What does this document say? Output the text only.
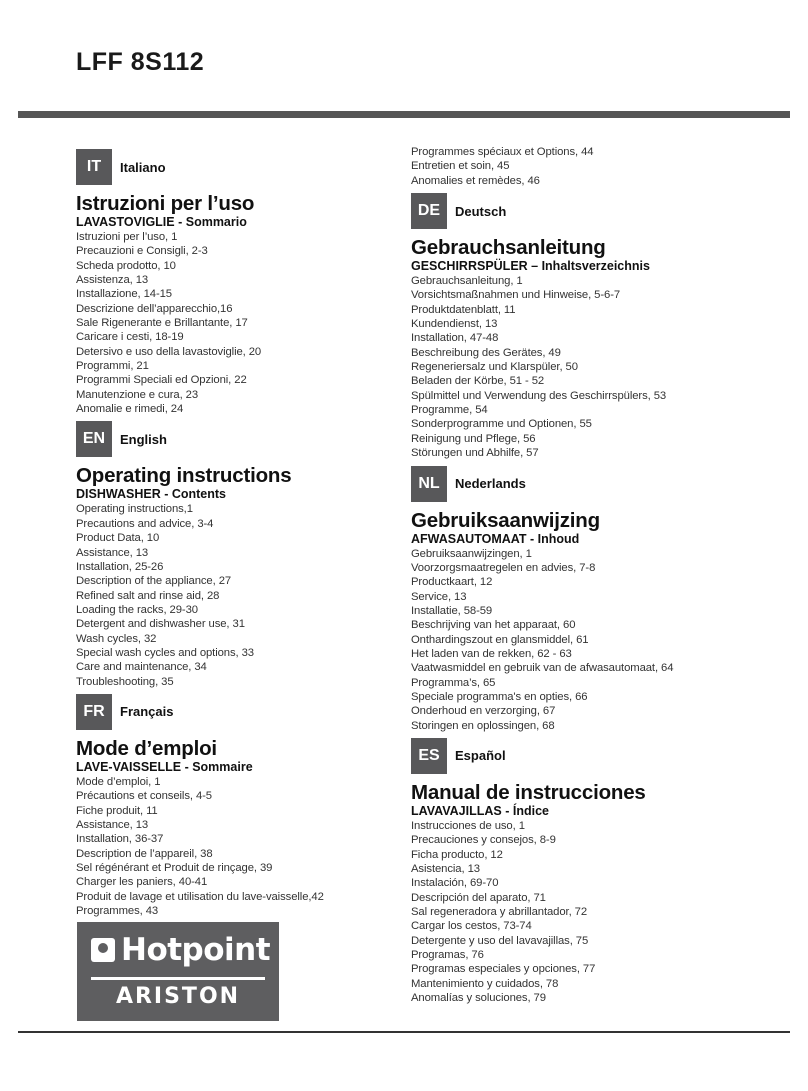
LFF 8S112
IT	Italiano
Istruzioni per l’uso
LAVASTOVIGLIE - Sommario
Istruzioni per l’uso, 1
Precauzioni e Consigli, 2-3
Scheda prodotto, 10
Assistenza, 13
Installazione, 14-15
Descrizione dell’apparecchio,16
Sale Rigenerante e Brillantante, 17
Caricare i cesti, 18-19
Detersivo e uso della lavastoviglie, 20
Programmi, 21
Programmi Speciali ed Opzioni, 22
Manutenzione e cura, 23
Anomalie e rimedi, 24
EN	English
Operating instructions
DISHWASHER - Contents
Operating instructions,1
Precautions and advice, 3-4
Product Data, 10
Assistance, 13
Installation, 25-26
Description of the appliance, 27
Refined salt and rinse aid, 28
Loading the racks, 29-30
Detergent and dishwasher use, 31
Wash cycles, 32
Special wash cycles and options, 33
Care and maintenance, 34
Troubleshooting, 35
FR	Français
Mode d’emploi
LAVE-VAISSELLE - Sommaire
Mode d’emploi, 1
Précautions et conseils, 4-5
Fiche produit, 11
Assistance, 13
Installation, 36-37
Description de l’appareil, 38
Sel régénérant et Produit de rinçage, 39
Charger les paniers, 40-41
Produit de lavage et utilisation du lave-vaisselle,42
Programmes, 43
Programmes spéciaux et Options, 44
Entretien et soin, 45
Anomalies et remèdes, 46
DE	Deutsch
Gebrauchsanleitung
GESCHIRRSPÜLER – Inhaltsverzeichnis
Gebrauchsanleitung, 1
Vorsichtsmaßnahmen und Hinweise, 5-6-7
Produktdatenblatt, 11
Kundendienst, 13
Installation, 47-48
Beschreibung des Gerätes, 49
Regeneriersalz und Klarspüler, 50
Beladen der Körbe, 51 - 52
Spülmittel und Verwendung des Geschirrspülers, 53
Programme, 54
Sonderprogramme und Optionen, 55
Reinigung und Pflege, 56
Störungen und Abhilfe, 57
NL	Nederlands
Gebruiksaanwijzing
AFWASAUTOMAAT - Inhoud
Gebruiksaanwijzingen, 1
Voorzorgsmaatregelen en advies, 7-8
Productkaart, 12
Service, 13
Installatie, 58-59
Beschrijving van het apparaat, 60
Onthardingszout en glansmiddel, 61
Het laden van de rekken, 62 - 63
Vaatwasmiddel en gebruik van de afwasautomaat, 64
Programma’s, 65
Speciale programma's en opties, 66
Onderhoud en verzorging, 67
Storingen en oplossingen, 68
ES	Español
Manual de instrucciones
LAVAVAJILLAS - Índice
Instrucciones de uso, 1
Precauciones y consejos, 8-9
Ficha producto, 12
Asistencia, 13
Instalación, 69-70
Descripción del aparato, 71
Sal regeneradora y abrillantador, 72
Cargar los cestos, 73-74
Detergente y uso del lavavajillas, 75
Programas, 76
Programas especiales y opciones, 77
Mantenimiento y cuidados, 78
Anomalías y soluciones, 79
Hotpoint
ARISTON
